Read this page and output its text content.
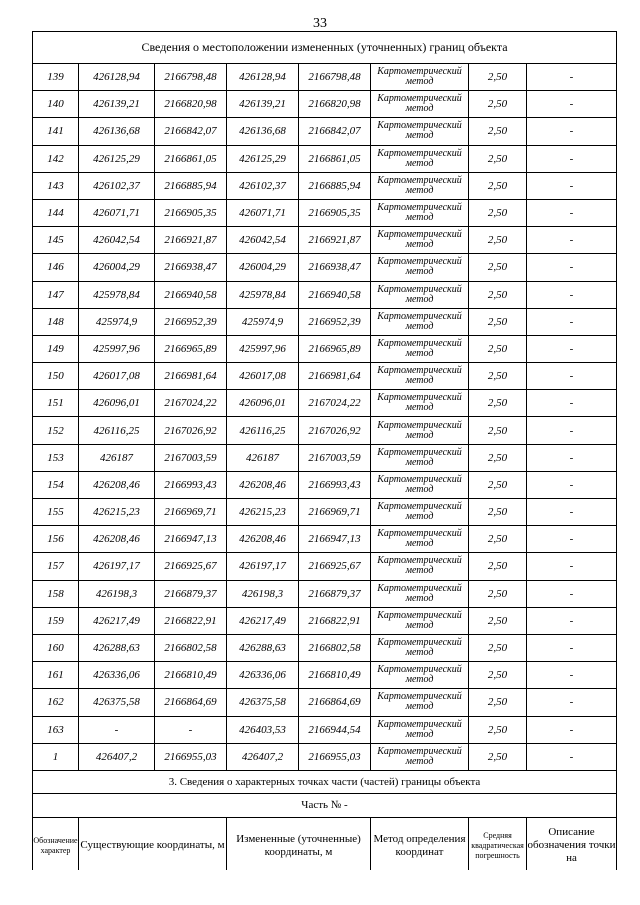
33
Сведения о местоположении измененных (уточненных) границ объекта							
139	426128,94	2166798,48	426128,94	2166798,48	Картометрический метод	2,50	-
140	426139,21	2166820,98	426139,21	2166820,98	Картометрический метод	2,50	-
141	426136,68	2166842,07	426136,68	2166842,07	Картометрический метод	2,50	-
142	426125,29	2166861,05	426125,29	2166861,05	Картометрический метод	2,50	-
143	426102,37	2166885,94	426102,37	2166885,94	Картометрический метод	2,50	-
144	426071,71	2166905,35	426071,71	2166905,35	Картометрический метод	2,50	-
145	426042,54	2166921,87	426042,54	2166921,87	Картометрический метод	2,50	-
146	426004,29	2166938,47	426004,29	2166938,47	Картометрический метод	2,50	-
147	425978,84	2166940,58	425978,84	2166940,58	Картометрический метод	2,50	-
148	425974,9	2166952,39	425974,9	2166952,39	Картометрический метод	2,50	-
149	425997,96	2166965,89	425997,96	2166965,89	Картометрический метод	2,50	-
150	426017,08	2166981,64	426017,08	2166981,64	Картометрический метод	2,50	-
151	426096,01	2167024,22	426096,01	2167024,22	Картометрический метод	2,50	-
152	426116,25	2167026,92	426116,25	2167026,92	Картометрический метод	2,50	-
153	426187	2167003,59	426187	2167003,59	Картометрический метод	2,50	-
154	426208,46	2166993,43	426208,46	2166993,43	Картометрический метод	2,50	-
155	426215,23	2166969,71	426215,23	2166969,71	Картометрический метод	2,50	-
156	426208,46	2166947,13	426208,46	2166947,13	Картометрический метод	2,50	-
157	426197,17	2166925,67	426197,17	2166925,67	Картометрический метод	2,50	-
158	426198,3	2166879,37	426198,3	2166879,37	Картометрический метод	2,50	-
159	426217,49	2166822,91	426217,49	2166822,91	Картометрический метод	2,50	-
160	426288,63	2166802,58	426288,63	2166802,58	Картометрический метод	2,50	-
161	426336,06	2166810,49	426336,06	2166810,49	Картометрический метод	2,50	-
162	426375,58	2166864,69	426375,58	2166864,69	Картометрический метод	2,50	-
163	-	-	426403,53	2166944,54	Картометрический метод	2,50	-
1	426407,2	2166955,03	426407,2	2166955,03	Картометрический метод	2,50	-
3. Сведения о характерных точках части (частей) границы объекта							
Часть № -							
Обозначение характер	Существующие координаты, м		Измененные (уточненные) координаты, м		Метод определения координат	Средняя квадратическая погрешность	Описание обозначения точки на
